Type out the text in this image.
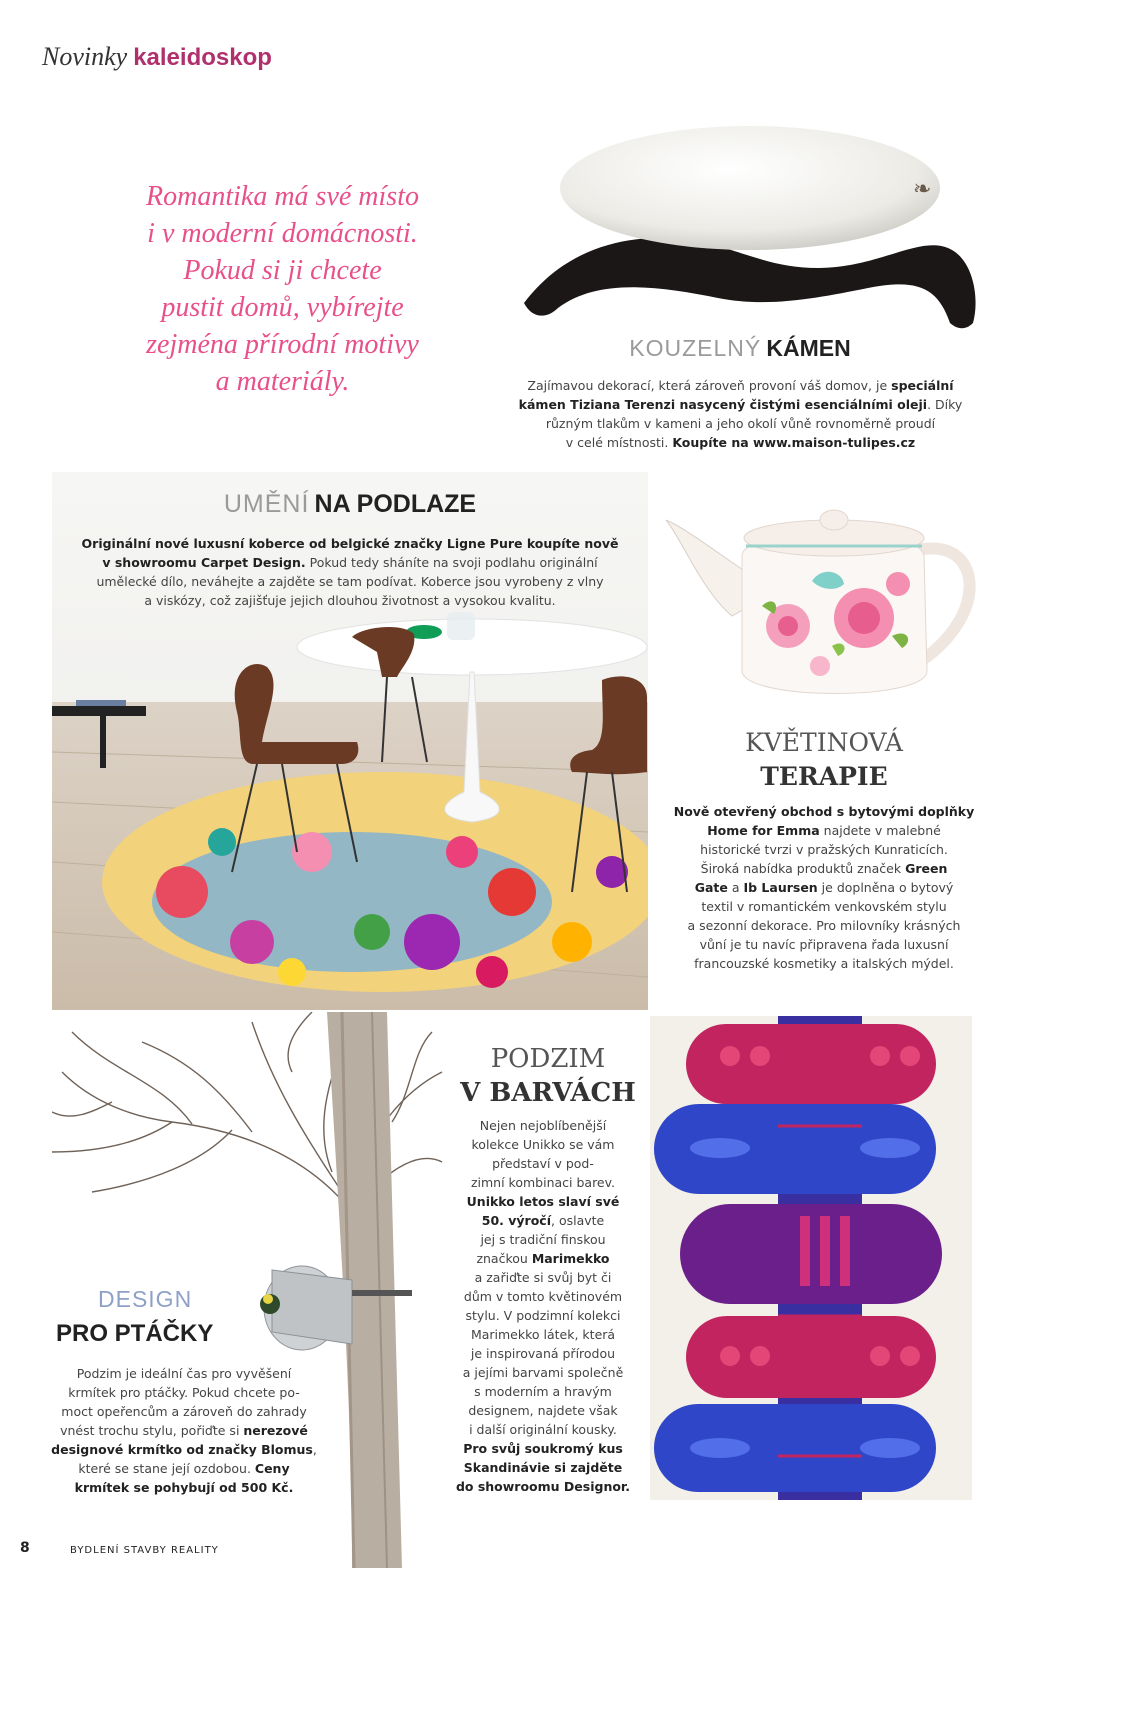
Novinky kaleidoskop
Romantika má své místo
i v moderní domácnosti.
Pokud si ji chcete
pustit domů, vybírejte
zejména přírodní motivy
a materiály.
❧
KOUZELNÝ KÁMEN
Zajímavou dekorací, která zároveň provoní váš domov, je speciální
kámen Tiziana Terenzi nasycený čistými esenciálními oleji. Díky
různým tlakům v kameni a jeho okolí vůně rovnoměrně proudí
v celé místnosti. Koupíte na www.maison-tulipes.cz
UMĚNÍ NA PODLAZE
Originální nové luxusní koberce od belgické značky Ligne Pure koupíte nově
v showroomu Carpet Design. Pokud tedy sháníte na svoji podlahu originální
umělecké dílo, neváhejte a zajděte se tam podívat. Koberce jsou vyrobeny z vlny
a viskózy, což zajišťuje jejich dlouhou životnost a vysokou kvalitu.
KVĚTINOVÁ
TERAPIE
Nově otevřený obchod s bytovými doplňky
Home for Emma najdete v malebné
historické tvrzi v pražských Kunraticích.
Široká nabídka produktů značek Green
Gate a Ib Laursen je doplněna o bytový
textil v romantickém venkovském stylu
a sezonní dekorace. Pro milovníky krásných
vůní je tu navíc připravena řada luxusní
francouzské kosmetiky a italských mýdel.
DESIGN
PRO PTÁČKY
Podzim je ideální čas pro vyvěšení
krmítek pro ptáčky. Pokud chcete po-
moct opeřencům a zároveň do zahrady
vnést trochu stylu, pořiďte si nerezové
designové krmítko od značky Blomus,
které se stane její ozdobou. Ceny
krmítek se pohybují od 500 Kč.
PODZIM
V BARVÁCH
Nejen nejoblíbenější
kolekce Unikko se vám
představí v pod-
zimní kombinaci barev.
Unikko letos slaví své
50. výročí, oslavte
jej s tradiční finskou
značkou Marimekko
a zařiďte si svůj byt či
dům v tomto květinovém
stylu. V podzimní kolekci
Marimekko látek, která
je inspirovaná přírodou
a jejími barvami společně
s moderním a hravým
designem, najdete však
i další originální kousky.
Pro svůj soukromý kus
Skandinávie si zajděte
do showroomu Designor.
8	BYDLENÍ STAVBY REALITY
